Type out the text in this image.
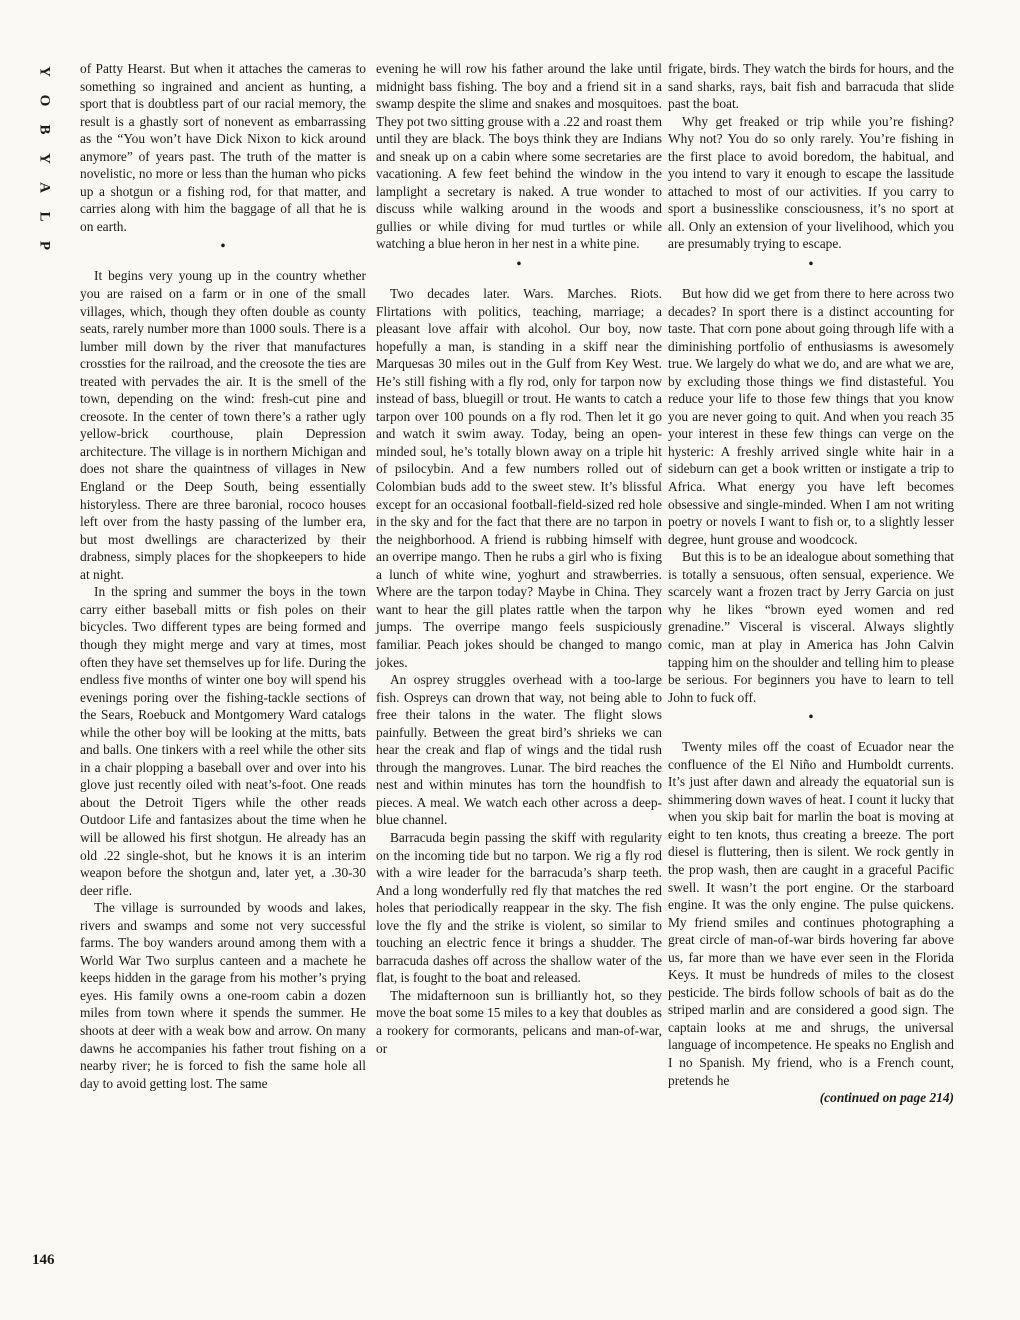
Y
O
B
Y
A
L
P
146

of Patty Hearst. But when it attaches the cameras to something so ingrained and ancient as hunting, a sport that is doubtless part of our racial memory, the result is a ghastly sort of nonevent as embarrassing as the “You won’t have Dick Nixon to kick around anymore” of years past. The truth of the matter is novelistic, no more or less than the human who picks up a shotgun or a fishing rod, for that matter, and carries along with him the baggage of all that he is on earth.

•

It begins very young up in the country whether you are raised on a farm or in one of the small villages, which, though they often double as county seats, rarely number more than 1000 souls. There is a lumber mill down by the river that manufactures crossties for the railroad, and the creosote the ties are treated with pervades the air. It is the smell of the town, depending on the wind: fresh-cut pine and creosote. In the center of town there’s a rather ugly yellow-brick courthouse, plain Depression architecture. The village is in northern Michigan and does not share the quaintness of villages in New England or the Deep South, being essentially historyless. There are three baronial, rococo houses left over from the hasty passing of the lumber era, but most dwellings are characterized by their drabness, simply places for the shopkeepers to hide at night.

In the spring and summer the boys in the town carry either baseball mitts or fish poles on their bicycles. Two different types are being formed and though they might merge and vary at times, most often they have set themselves up for life. During the endless five months of winter one boy will spend his evenings poring over the fishing-tackle sections of the Sears, Roebuck and Montgomery Ward catalogs while the other boy will be looking at the mitts, bats and balls. One tinkers with a reel while the other sits in a chair plopping a baseball over and over into his glove just recently oiled with neat’s-foot. One reads about the Detroit Tigers while the other reads Outdoor Life and fantasizes about the time when he will be allowed his first shotgun. He already has an old .22 single-shot, but he knows it is an interim weapon before the shotgun and, later yet, a .30-30 deer rifle.

The village is surrounded by woods and lakes, rivers and swamps and some not very successful farms. The boy wanders around among them with a World War Two surplus canteen and a machete he keeps hidden in the garage from his mother’s prying eyes. His family owns a one-room cabin a dozen miles from town where it spends the summer. He shoots at deer with a weak bow and arrow. On many dawns he accompanies his father trout fishing on a nearby river; he is forced to fish the same hole all day to avoid getting lost. The same

evening he will row his father around the lake until midnight bass fishing. The boy and a friend sit in a swamp despite the slime and snakes and mosquitoes. They pot two sitting grouse with a .22 and roast them until they are black. The boys think they are Indians and sneak up on a cabin where some secretaries are vacationing. A few feet behind the window in the lamplight a secretary is naked. A true wonder to discuss while walking around in the woods and gullies or while diving for mud turtles or while watching a blue heron in her nest in a white pine.

•

Two decades later. Wars. Marches. Riots. Flirtations with politics, teaching, marriage; a pleasant love affair with alcohol. Our boy, now hopefully a man, is standing in a skiff near the Marquesas 30 miles out in the Gulf from Key West. He’s still fishing with a fly rod, only for tarpon now instead of bass, bluegill or trout. He wants to catch a tarpon over 100 pounds on a fly rod. Then let it go and watch it swim away. Today, being an open-minded soul, he’s totally blown away on a triple hit of psilocybin. And a few numbers rolled out of Colombian buds add to the sweet stew. It’s blissful except for an occasional football-field-sized red hole in the sky and for the fact that there are no tarpon in the neighborhood. A friend is rubbing himself with an overripe mango. Then he rubs a girl who is fixing a lunch of white wine, yoghurt and strawberries. Where are the tarpon today? Maybe in China. They want to hear the gill plates rattle when the tarpon jumps. The overripe mango feels suspiciously familiar. Peach jokes should be changed to mango jokes.

An osprey struggles overhead with a too-large fish. Ospreys can drown that way, not being able to free their talons in the water. The flight slows painfully. Between the great bird’s shrieks we can hear the creak and flap of wings and the tidal rush through the mangroves. Lunar. The bird reaches the nest and within minutes has torn the houndfish to pieces. A meal. We watch each other across a deep-blue channel.

Barracuda begin passing the skiff with regularity on the incoming tide but no tarpon. We rig a fly rod with a wire leader for the barracuda’s sharp teeth. And a long wonderfully red fly that matches the red holes that periodically reappear in the sky. The fish love the fly and the strike is violent, so similar to touching an electric fence it brings a shudder. The barracuda dashes off across the shallow water of the flat, is fought to the boat and released.

The midafternoon sun is brilliantly hot, so they move the boat some 15 miles to a key that doubles as a rookery for cormorants, pelicans and man-of-war, or

frigate, birds. They watch the birds for hours, and the sand sharks, rays, bait fish and barracuda that slide past the boat.

Why get freaked or trip while you’re fishing? Why not? You do so only rarely. You’re fishing in the first place to avoid boredom, the habitual, and you intend to vary it enough to escape the lassitude attached to most of our activities. If you carry to sport a businesslike consciousness, it’s no sport at all. Only an extension of your livelihood, which you are presumably trying to escape.

•

But how did we get from there to here across two decades? In sport there is a distinct accounting for taste. That corn pone about going through life with a diminishing portfolio of enthusiasms is awesomely true. We largely do what we do, and are what we are, by excluding those things we find distasteful. You reduce your life to those few things that you know you are never going to quit. And when you reach 35 your interest in these few things can verge on the hysteric: A freshly arrived single white hair in a sideburn can get a book written or instigate a trip to Africa. What energy you have left becomes obsessive and single-minded. When I am not writing poetry or novels I want to fish or, to a slightly lesser degree, hunt grouse and woodcock.

But this is to be an idealogue about something that is totally a sensuous, often sensual, experience. We scarcely want a frozen tract by Jerry Garcia on just why he likes “brown eyed women and red grenadine.” Visceral is visceral. Always slightly comic, man at play in America has John Calvin tapping him on the shoulder and telling him to please be serious. For beginners you have to learn to tell John to fuck off.

•

Twenty miles off the coast of Ecuador near the confluence of the El Niño and Humboldt currents. It’s just after dawn and already the equatorial sun is shimmering down waves of heat. I count it lucky that when you skip bait for marlin the boat is moving at eight to ten knots, thus creating a breeze. The port diesel is fluttering, then is silent. We rock gently in the prop wash, then are caught in a graceful Pacific swell. It wasn’t the port engine. Or the starboard engine. It was the only engine. The pulse quickens. My friend smiles and continues photographing a great circle of man-of-war birds hovering far above us, far more than we have ever seen in the Florida Keys. It must be hundreds of miles to the closest pesticide. The birds follow schools of bait as do the striped marlin and are considered a good sign. The captain looks at me and shrugs, the universal language of incompetence. He speaks no English and I no Spanish. My friend, who is a French count, pretends he

(continued on page 214)
